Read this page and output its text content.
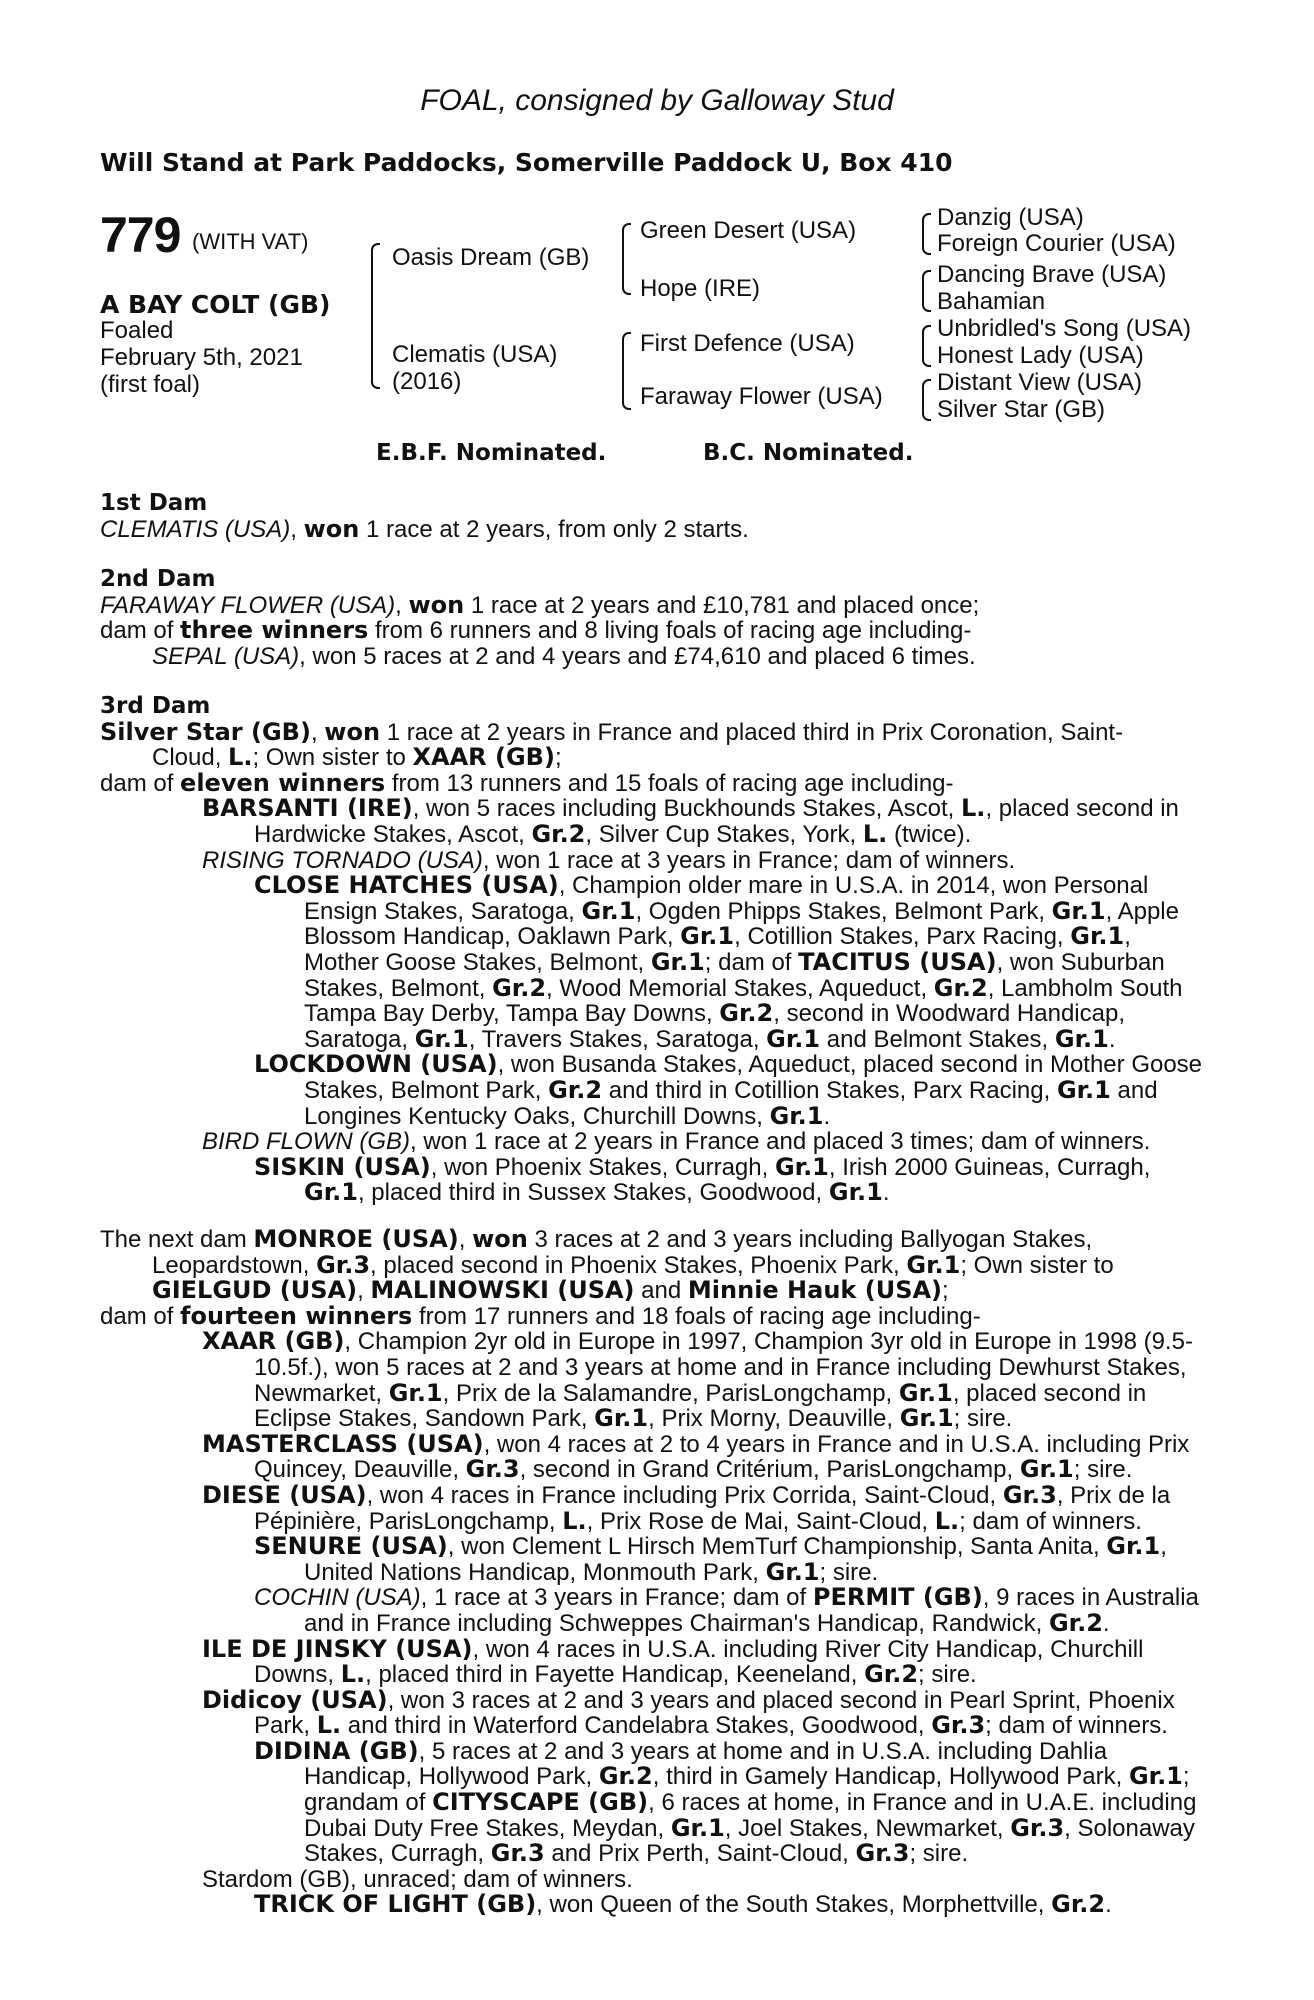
FOAL, consigned by Galloway Stud
Will Stand at Park Paddocks, Somerville Paddock U, Box 410
779 (WITH VAT)
A BAY COLT (GB)
Foaled
February 5th, 2021
(first foal)
Oasis Dream (GB)
Clematis (USA)
(2016)
Green Desert (USA)
Hope (IRE)
First Defence (USA)
Faraway Flower (USA)
Danzig (USA)
Foreign Courier (USA)
Dancing Brave (USA)
Bahamian
Unbridled's Song (USA)
Honest Lady (USA)
Distant View (USA)
Silver Star (GB)
E.B.F. Nominated.	B.C. Nominated.
1st Dam
CLEMATIS (USA), won 1 race at 2 years, from only 2 starts.
2nd Dam
FARAWAY FLOWER (USA), won 1 race at 2 years and £10,781 and placed once;
dam of three winners from 6 runners and 8 living foals of racing age including-
SEPAL (USA), won 5 races at 2 and 4 years and £74,610 and placed 6 times.
3rd Dam
Silver Star (GB), won 1 race at 2 years in France and placed third in Prix Coronation, Saint-
Cloud, L.; Own sister to XAAR (GB);
dam of eleven winners from 13 runners and 15 foals of racing age including-
BARSANTI (IRE), won 5 races including Buckhounds Stakes, Ascot, L., placed second in
Hardwicke Stakes, Ascot, Gr.2, Silver Cup Stakes, York, L. (twice).
RISING TORNADO (USA), won 1 race at 3 years in France; dam of winners.
CLOSE HATCHES (USA), Champion older mare in U.S.A. in 2014, won Personal
Ensign Stakes, Saratoga, Gr.1, Ogden Phipps Stakes, Belmont Park, Gr.1, Apple
Blossom Handicap, Oaklawn Park, Gr.1, Cotillion Stakes, Parx Racing, Gr.1,
Mother Goose Stakes, Belmont, Gr.1; dam of TACITUS (USA), won Suburban
Stakes, Belmont, Gr.2, Wood Memorial Stakes, Aqueduct, Gr.2, Lambholm South
Tampa Bay Derby, Tampa Bay Downs, Gr.2, second in Woodward Handicap,
Saratoga, Gr.1, Travers Stakes, Saratoga, Gr.1 and Belmont Stakes, Gr.1.
LOCKDOWN (USA), won Busanda Stakes, Aqueduct, placed second in Mother Goose
Stakes, Belmont Park, Gr.2 and third in Cotillion Stakes, Parx Racing, Gr.1 and
Longines Kentucky Oaks, Churchill Downs, Gr.1.
BIRD FLOWN (GB), won 1 race at 2 years in France and placed 3 times; dam of winners.
SISKIN (USA), won Phoenix Stakes, Curragh, Gr.1, Irish 2000 Guineas, Curragh,
Gr.1, placed third in Sussex Stakes, Goodwood, Gr.1.
The next dam MONROE (USA), won 3 races at 2 and 3 years including Ballyogan Stakes,
Leopardstown, Gr.3, placed second in Phoenix Stakes, Phoenix Park, Gr.1; Own sister to
GIELGUD (USA), MALINOWSKI (USA) and Minnie Hauk (USA);
dam of fourteen winners from 17 runners and 18 foals of racing age including-
XAAR (GB), Champion 2yr old in Europe in 1997, Champion 3yr old in Europe in 1998 (9.5-
10.5f.), won 5 races at 2 and 3 years at home and in France including Dewhurst Stakes,
Newmarket, Gr.1, Prix de la Salamandre, ParisLongchamp, Gr.1, placed second in
Eclipse Stakes, Sandown Park, Gr.1, Prix Morny, Deauville, Gr.1; sire.
MASTERCLASS (USA), won 4 races at 2 to 4 years in France and in U.S.A. including Prix
Quincey, Deauville, Gr.3, second in Grand Critérium, ParisLongchamp, Gr.1; sire.
DIESE (USA), won 4 races in France including Prix Corrida, Saint-Cloud, Gr.3, Prix de la
Pépinière, ParisLongchamp, L., Prix Rose de Mai, Saint-Cloud, L.; dam of winners.
SENURE (USA), won Clement L Hirsch MemTurf Championship, Santa Anita, Gr.1,
United Nations Handicap, Monmouth Park, Gr.1; sire.
COCHIN (USA), 1 race at 3 years in France; dam of PERMIT (GB), 9 races in Australia
and in France including Schweppes Chairman's Handicap, Randwick, Gr.2.
ILE DE JINSKY (USA), won 4 races in U.S.A. including River City Handicap, Churchill
Downs, L., placed third in Fayette Handicap, Keeneland, Gr.2; sire.
Didicoy (USA), won 3 races at 2 and 3 years and placed second in Pearl Sprint, Phoenix
Park, L. and third in Waterford Candelabra Stakes, Goodwood, Gr.3; dam of winners.
DIDINA (GB), 5 races at 2 and 3 years at home and in U.S.A. including Dahlia
Handicap, Hollywood Park, Gr.2, third in Gamely Handicap, Hollywood Park, Gr.1;
grandam of CITYSCAPE (GB), 6 races at home, in France and in U.A.E. including
Dubai Duty Free Stakes, Meydan, Gr.1, Joel Stakes, Newmarket, Gr.3, Solonaway
Stakes, Curragh, Gr.3 and Prix Perth, Saint-Cloud, Gr.3; sire.
Stardom (GB), unraced; dam of winners.
TRICK OF LIGHT (GB), won Queen of the South Stakes, Morphettville, Gr.2.
